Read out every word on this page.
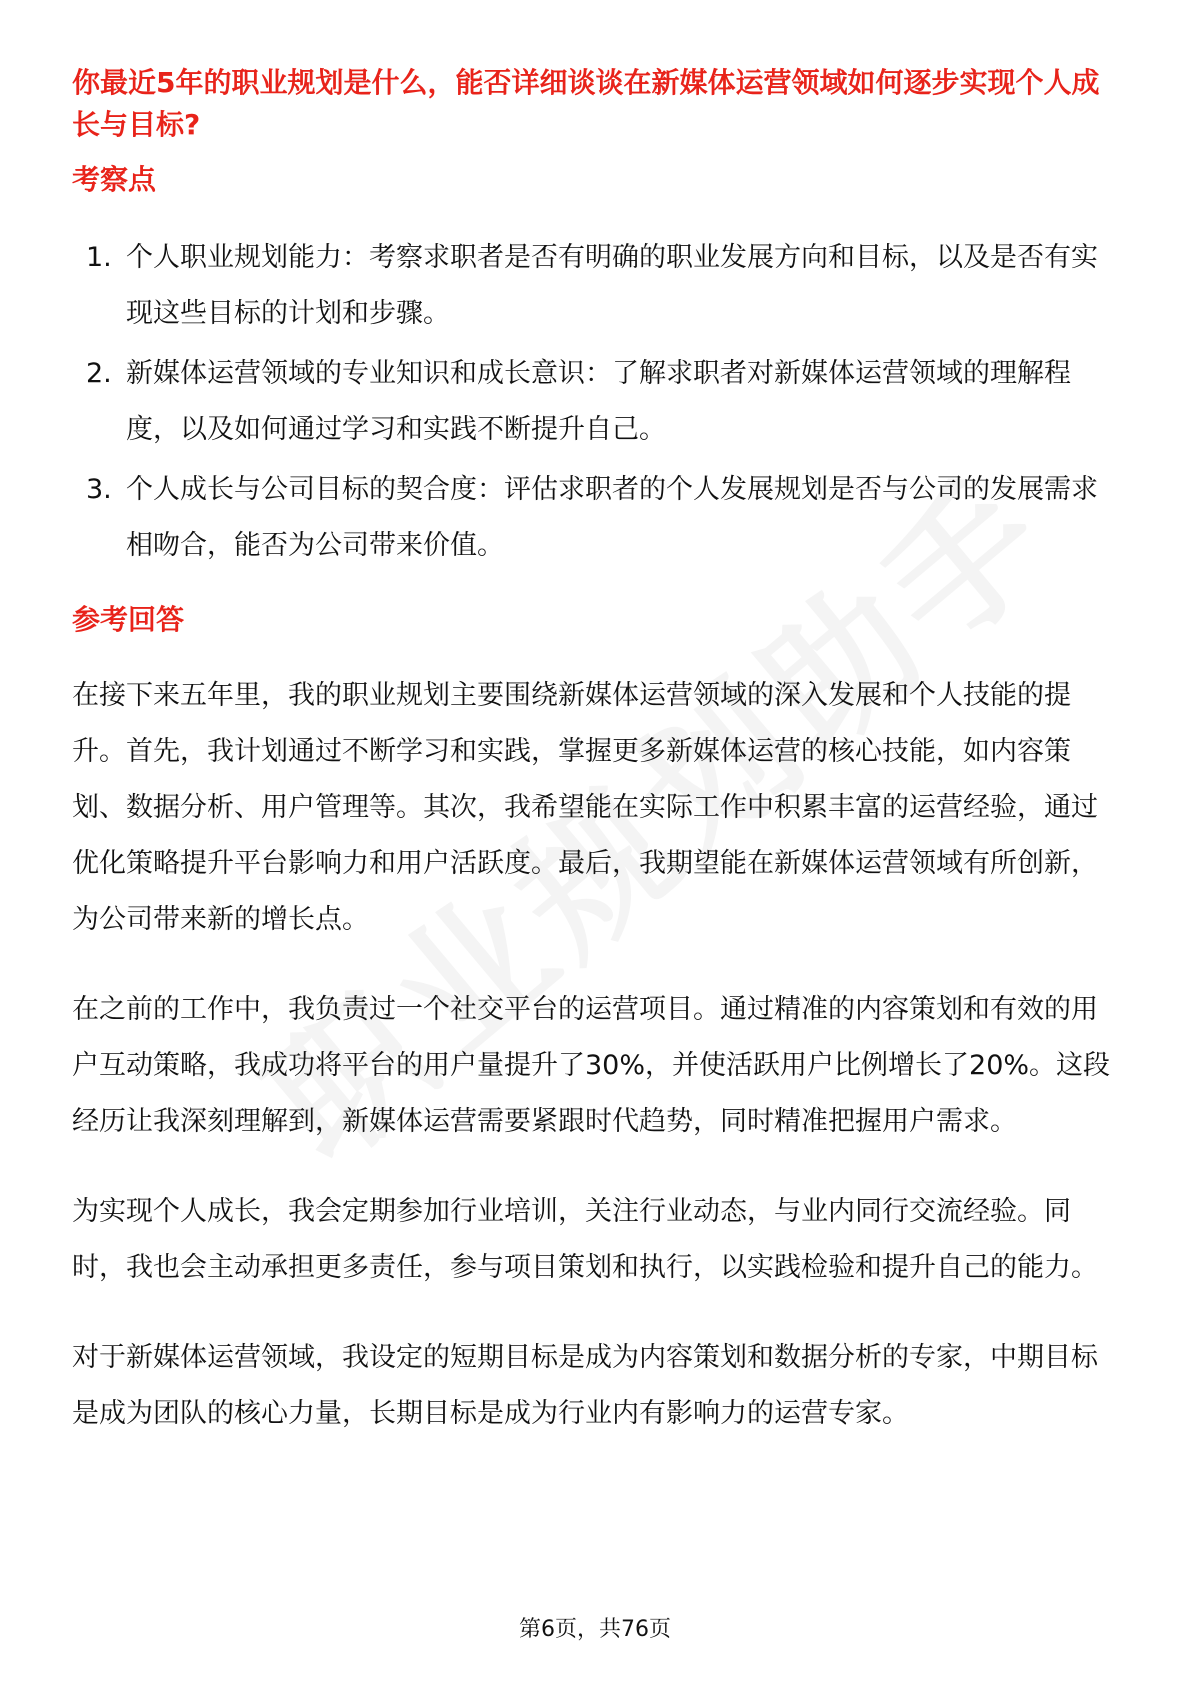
你最近5年的职业规划是什么，能否详细谈谈在新媒体运营领域如何逐步实现个人成长与目标?

考察点

1. 个人职业规划能力：考察求职者是否有明确的职业发展方向和目标，以及是否有实现这些目标的计划和步骤。
2. 新媒体运营领域的专业知识和成长意识：了解求职者对新媒体运营领域的理解程度，以及如何通过学习和实践不断提升自己。
3. 个人成长与公司目标的契合度：评估求职者的个人发展规划是否与公司的发展需求相吻合，能否为公司带来价值。

参考回答

在接下来五年里，我的职业规划主要围绕新媒体运营领域的深入发展和个人技能的提升。首先，我计划通过不断学习和实践，掌握更多新媒体运营的核心技能，如内容策划、数据分析、用户管理等。其次，我希望能在实际工作中积累丰富的运营经验，通过优化策略提升平台影响力和用户活跃度。最后，我期望能在新媒体运营领域有所创新，为公司带来新的增长点。

在之前的工作中，我负责过一个社交平台的运营项目。通过精准的内容策划和有效的用户互动策略，我成功将平台的用户量提升了30%，并使活跃用户比例增长了20%。这段经历让我深刻理解到，新媒体运营需要紧跟时代趋势，同时精准把握用户需求。

为实现个人成长，我会定期参加行业培训，关注行业动态，与业内同行交流经验。同时，我也会主动承担更多责任，参与项目策划和执行，以实践检验和提升自己的能力。

对于新媒体运营领域，我设定的短期目标是成为内容策划和数据分析的专家，中期目标是成为团队的核心力量，长期目标是成为行业内有影响力的运营专家。

第6页，共76页
